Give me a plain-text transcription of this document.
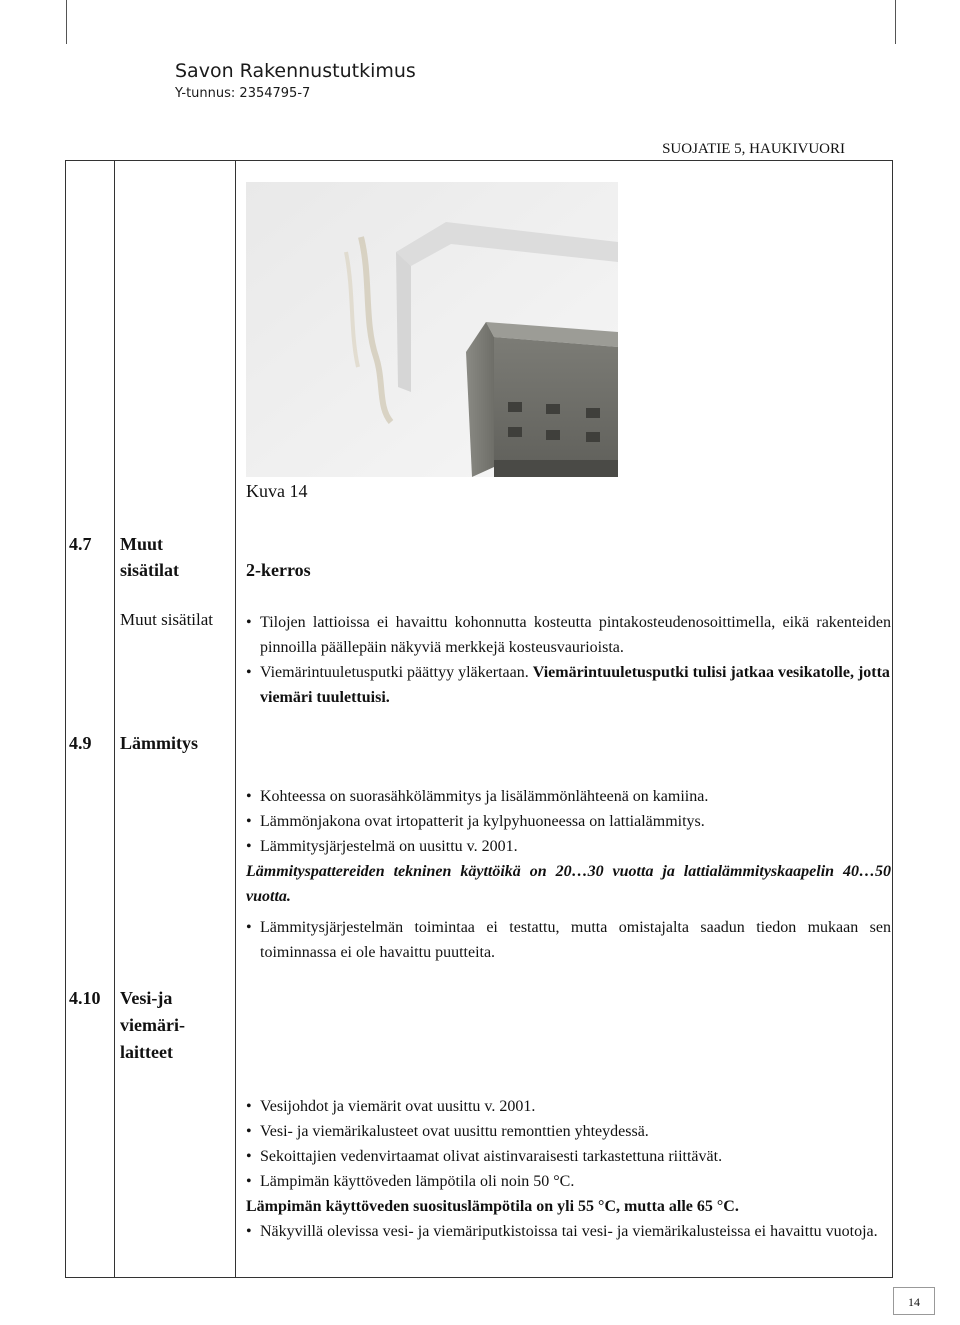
Savon Rakennustutkimus
Y-tunnus: 2354795-7
SUOJATIE 5, HAUKIVUORI
Kuva 14
4.7 Muut sisätilat	2-kerros
Muut sisätilat
•	Tilojen lattioissa ei havaittu kohonnutta kosteutta pintakosteudenosoittimella, eikä rakenteiden pinnoilla päällepäin näkyviä merkkejä kosteusvaurioista.
• Viemärintuuletusputki päättyy yläkertaan. Viemärintuuletusputki tulisi jatkaa vesikatolle, jotta viemäri tuulettuisi.
4.9 Lämmitys
• Kohteessa on suorasähkölämmitys ja lisälämmönlähteenä on kamiina.
• Lämmönjakona ovat irtopatterit ja kylpyhuoneessa on lattialämmitys.
• Lämmitysjärjestelmä on uusittu v. 2001.
Lämmityspattereiden tekninen käyttöikä on 20…30 vuotta ja lattialämmityskaapelin 40…50 vuotta.
• Lämmitysjärjestelmän toimintaa ei testattu, mutta omistajalta saadun tiedon mukaan sen toiminnassa ei ole havaittu puutteita.
4.10 Vesi-ja
viemäri-
laitteet
• Vesijohdot ja viemärit ovat uusittu v. 2001.
• Vesi- ja viemärikalusteet ovat uusittu remonttien yhteydessä.
• Sekoittajien vedenvirtaamat olivat aistinvaraisesti tarkastettuna riittävät.
• Lämpimän käyttöveden lämpötila oli noin 50 °C.
Lämpimän käyttöveden suosituslämpötila on yli 55 °C, mutta alle 65 °C.
• Näkyvillä olevissa vesi- ja viemäriputkistoissa tai vesi- ja viemärikalusteissa ei havaittu vuotoja.
14
